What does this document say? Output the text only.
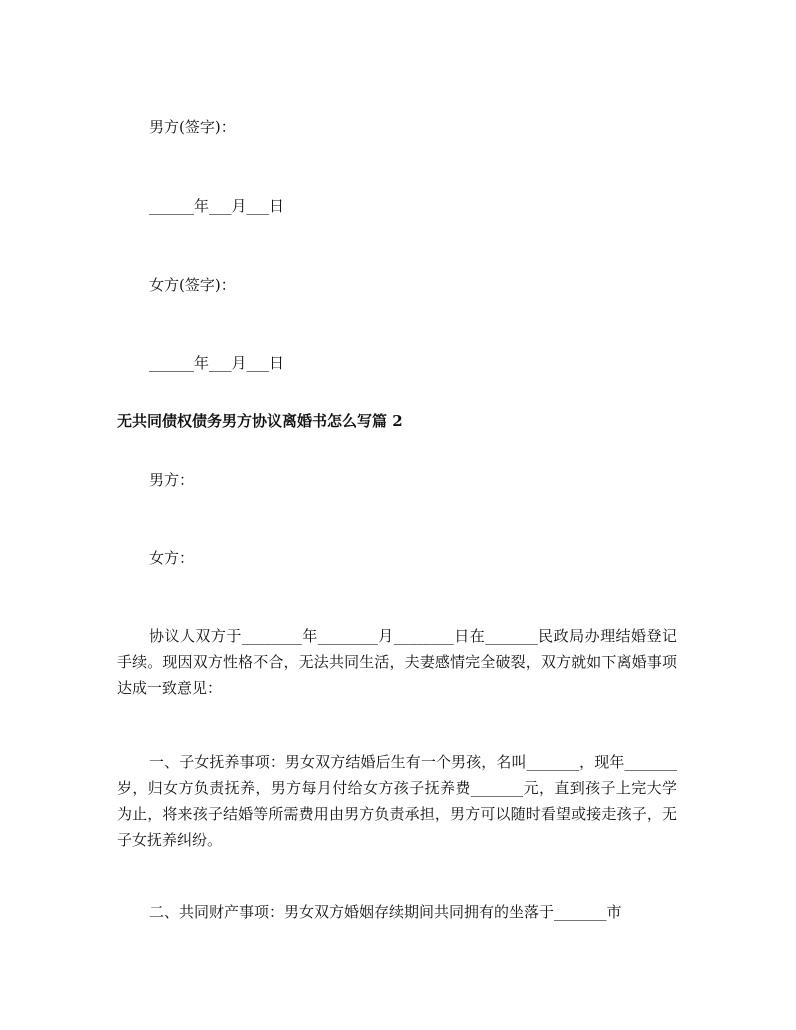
男方(签字)：
______年___月___日
女方(签字)：
______年___月___日
无共同债权债务男方协议离婚书怎么写篇 2
男方：
女方：
协议人双方于________年________月________日在_______民政局办理结婚登记手续。现因双方性格不合，无法共同生活，夫妻感情完全破裂，双方就如下离婚事项达成一致意见：
一、子女抚养事项：男女双方结婚后生有一个男孩，名叫_______，现年_______岁，归女方负责抚养，男方每月付给女方孩子抚养费_______元，直到孩子上完大学为止，将来孩子结婚等所需费用由男方负责承担，男方可以随时看望或接走孩子，无子女抚养纠纷。
二、共同财产事项：男女双方婚姻存续期间共同拥有的坐落于_______市
